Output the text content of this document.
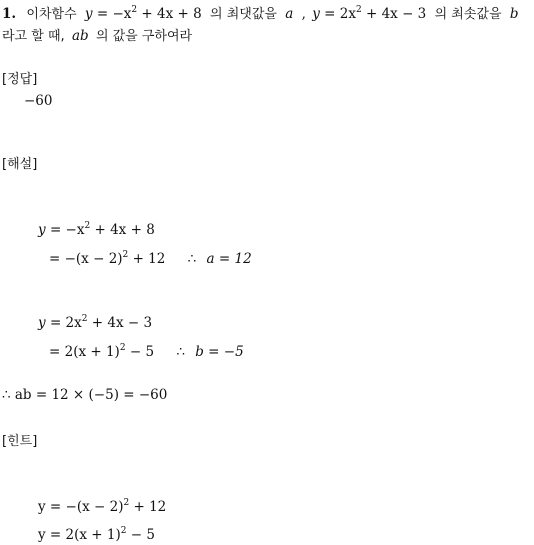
1. 이차함수 $y = -x^2 + 4x + 8$ 의 최댓값을 a , $y = 2x^2 + 4x - 3$ 의 최솟값을 b
라고 할 때, ab 의 값을 구하여라
[정답]
−60
[해설]
$y = -x^2 + 4x + 8$
= $-(x - 2)^2 + 12$ ∴ a = 12
$y = 2x^2 + 4x - 3$
= $2(x + 1)^2 - 5$ ∴ b = −5
∴ ab = 12 × (−5) = −60
[힌트]
$y = -(x - 2)^2 + 12$
$y = 2(x + 1)^2 - 5$
